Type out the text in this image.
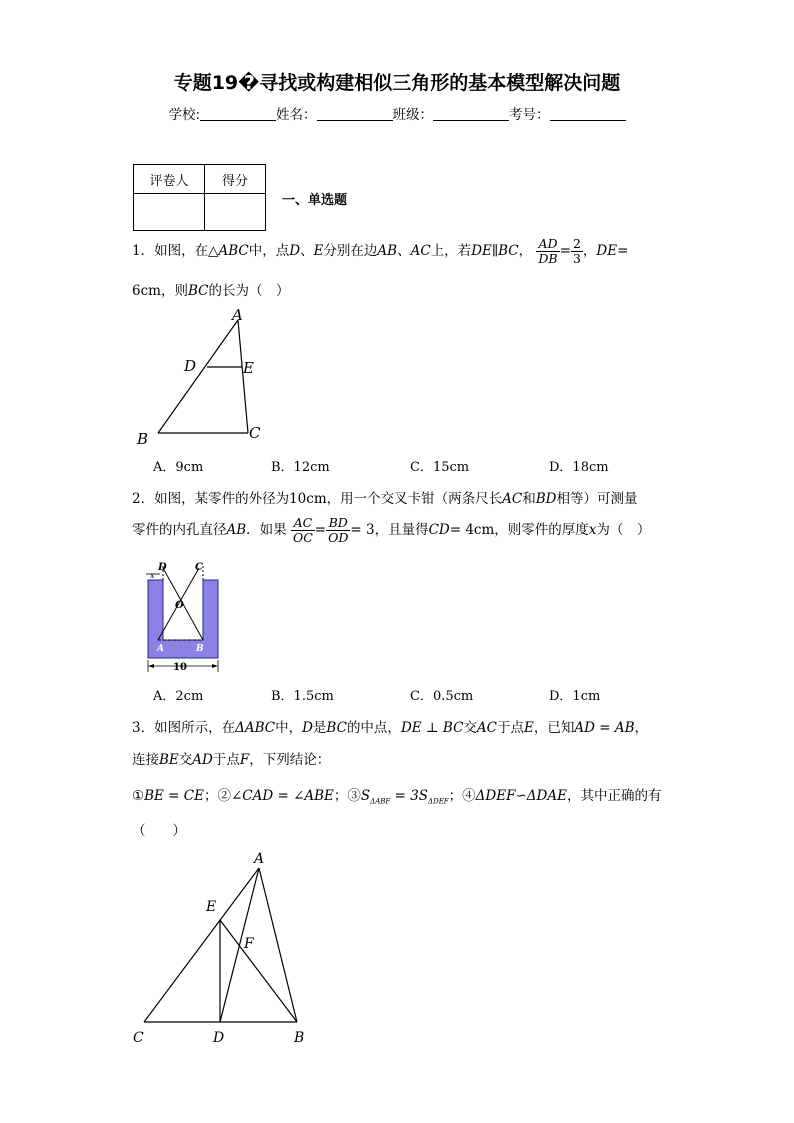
专题19�寻找或构建相似三角形的基本模型解决问题
学校:	姓名：	班级：	考号：
评卷人	得分

一、单选题
1．如图，在△ABC中，点D、E分别在边AB、AC上，若DE∥BC， $\frac{AD}{DB} = \frac{2}{3}$ ，DE=
6cm，则BC的长为（　）
A
D	E
B	C
A．9cm	B．12cm	C．15cm	D．18cm
2．如图，某零件的外径为10cm，用一个交叉卡钳（两条尺长AC和BD相等）可测量
零件的内孔直径AB．如果 $\frac{AC}{OC} = \frac{BD}{OD} = 3$，且量得CD= 4cm，则零件的厚度x为（　）
D	C
O
A	B
x
10
A．2cm	B．1.5cm	C．0.5cm	D．1cm
3．如图所示，在ΔABC中，D是BC的中点，DE ⊥ BC交AC于点E，已知AD = AB，
连接BE交AD于点F，下列结论：
①BE = CE；②∠CAD = ∠ABE；$③S_{\Delta ABF} = 3S_{\Delta DEF}$；④ΔDEF∽ΔDAE，其中正确的有
（　　）
A
E
F
C	D	B
